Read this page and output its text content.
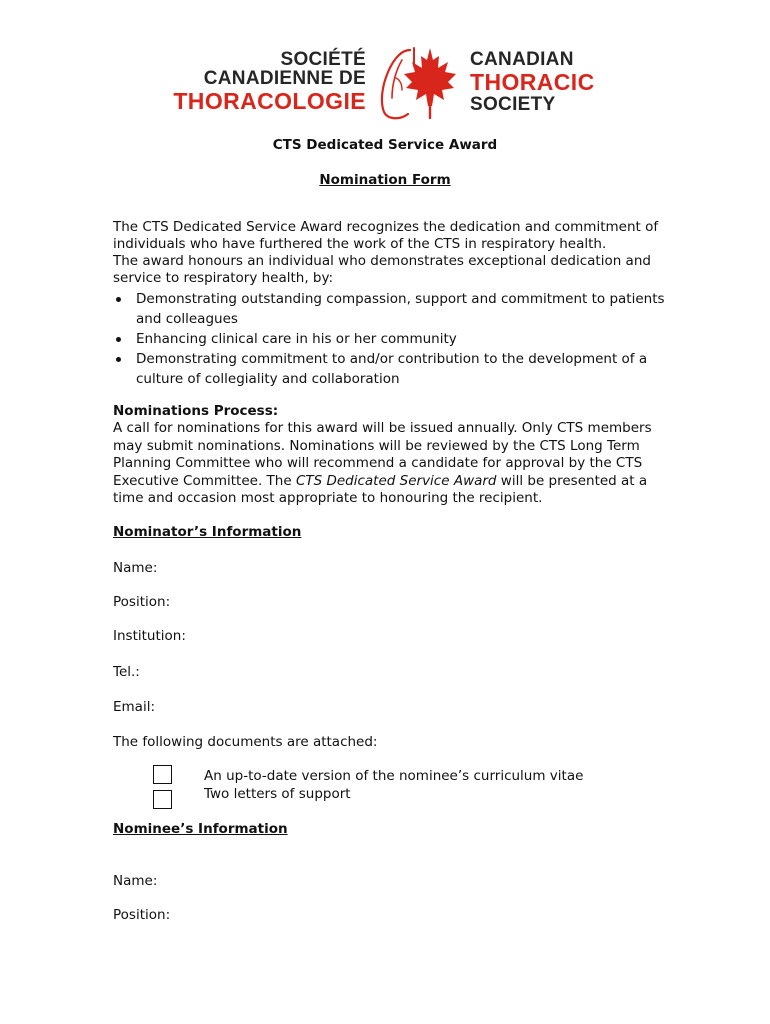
SOCIÉTÉ
CANADIENNE DE
THORACOLOGIE
CANADIAN
THORACIC
SOCIETY
CTS Dedicated Service Award
Nomination Form
The CTS Dedicated Service Award recognizes the dedication and commitment of
individuals who have furthered the work of the CTS in respiratory health.
The award honours an individual who demonstrates exceptional dedication and
service to respiratory health, by:
Demonstrating outstanding compassion, support and commitment to patients and colleagues
Enhancing clinical care in his or her community
Demonstrating commitment to and/or contribution to the development of a culture of collegiality and collaboration
Nominations Process:
A call for nominations for this award will be issued annually. Only CTS members may submit nominations. Nominations will be reviewed by the CTS Long Term Planning Committee who will recommend a candidate for approval by the CTS Executive Committee. The CTS Dedicated Service Award will be presented at a time and occasion most appropriate to honouring the recipient.
Nominator’s Information
Name:
Position:
Institution:
Tel.:
Email:
The following documents are attached:
An up-to-date version of the nominee’s curriculum vitae
Two letters of support
Nominee’s Information
Name:
Position:
